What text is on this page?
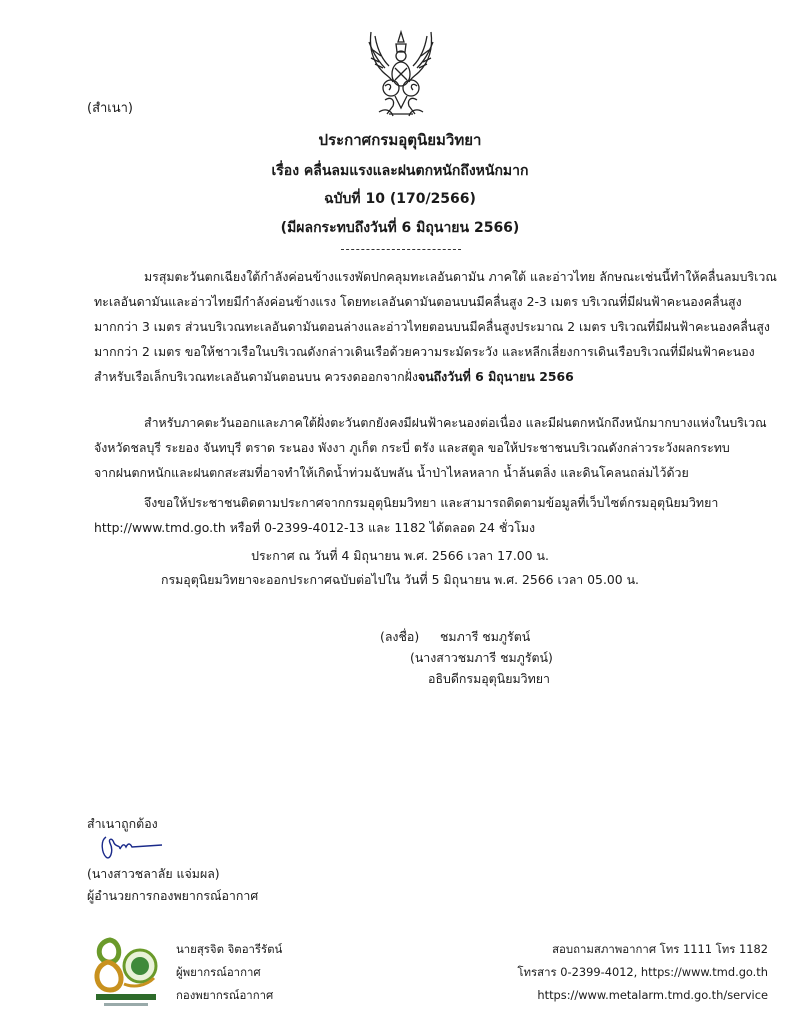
(สำเนา)
ประกาศกรมอุตุนิยมวิทยา
เรื่อง คลื่นลมแรงและฝนตกหนักถึงหนักมาก
ฉบับที่ 10 (170/2566)
(มีผลกระทบถึงวันที่ 6 มิถุนายน 2566)
มรสุมตะวันตกเฉียงใต้กำลังค่อนข้างแรงพัดปกคลุมทะเลอันดามัน ภาคใต้ และอ่าวไทย ลักษณะเช่นนี้ทำให้คลื่นลมบริเวณ
ทะเลอันดามันและอ่าวไทยมีกำลังค่อนข้างแรง โดยทะเลอันดามันตอนบนมีคลื่นสูง 2-3 เมตร บริเวณที่มีฝนฟ้าคะนองคลื่นสูง
มากกว่า 3 เมตร ส่วนบริเวณทะเลอันดามันตอนล่างและอ่าวไทยตอนบนมีคลื่นสูงประมาณ 2 เมตร บริเวณที่มีฝนฟ้าคะนองคลื่นสูง
มากกว่า 2 เมตร ขอให้ชาวเรือในบริเวณดังกล่าวเดินเรือด้วยความระมัดระวัง และหลีกเลี่ยงการเดินเรือบริเวณที่มีฝนฟ้าคะนอง
สำหรับเรือเล็กบริเวณทะเลอันดามันตอนบน ควรงดออกจากฝั่งจนถึงวันที่ 6 มิถุนายน 2566
สำหรับภาคตะวันออกและภาคใต้ฝั่งตะวันตกยังคงมีฝนฟ้าคะนองต่อเนื่อง และมีฝนตกหนักถึงหนักมากบางแห่งในบริเวณ
จังหวัดชลบุรี ระยอง จันทบุรี ตราด ระนอง พังงา ภูเก็ต กระบี่ ตรัง และสตูล ขอให้ประชาชนบริเวณดังกล่าวระวังผลกระทบ
จากฝนตกหนักและฝนตกสะสมที่อาจทำให้เกิดน้ำท่วมฉับพลัน น้ำป่าไหลหลาก น้ำล้นตลิ่ง และดินโคลนถล่มไว้ด้วย
จึงขอให้ประชาชนติดตามประกาศจากกรมอุตุนิยมวิทยา และสามารถติดตามข้อมูลที่เว็บไซต์กรมอุตุนิยมวิทยา
http://www.tmd.go.th หรือที่ 0-2399-4012-13 และ 1182 ได้ตลอด 24 ชั่วโมง
ประกาศ ณ วันที่ 4 มิถุนายน พ.ศ. 2566 เวลา 17.00 น.
กรมอุตุนิยมวิทยาจะออกประกาศฉบับต่อไปใน วันที่ 5 มิถุนายน พ.ศ. 2566 เวลา 05.00 น.
(ลงชื่อ) ชมภารี ชมภูรัตน์
(นางสาวชมภารี ชมภูรัตน์)
อธิบดีกรมอุตุนิยมวิทยา
สำเนาถูกต้อง
(นางสาวชลาลัย แจ่มผล)
ผู้อำนวยการกองพยากรณ์อากาศ
นายสุรจิต จิตอารีรัตน์
ผู้พยากรณ์อากาศ
กองพยากรณ์อากาศ
สอบถามสภาพอากาศ โทร 1111 โทร 1182
โทรสาร 0-2399-4012, https://www.tmd.go.th
https://www.metalarm.tmd.go.th/service
